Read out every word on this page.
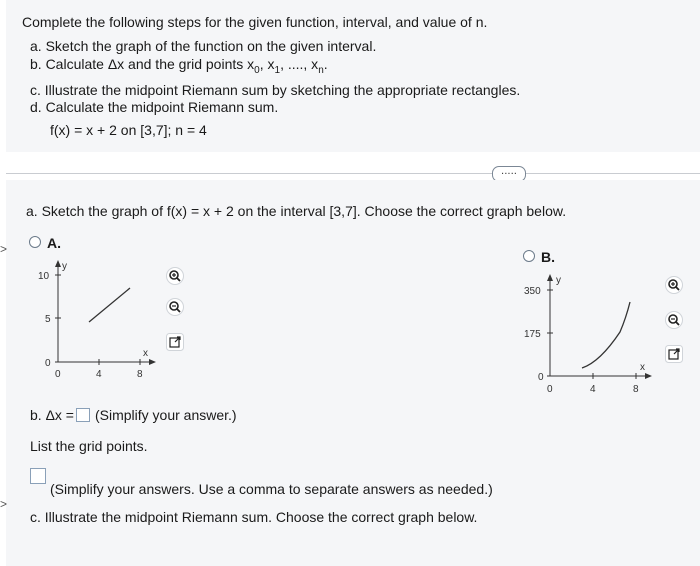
Complete the following steps for the given function, interval, and value of n.
a. Sketch the graph of the function on the given interval.
b. Calculate Δx and the grid points $x_0$, $x_1$, ...., $x_n$.
c. Illustrate the midpoint Riemann sum by sketching the appropriate rectangles.
d. Calculate the midpoint Riemann sum.
f(x) = x + 2 on [3,7]; n = 4
.....
a. Sketch the graph of f(x) = x + 2 on the interval [3,7]. Choose the correct graph below.
>
>
A.
10
5
0
0	4	8
y
x
B.
350
175
0
0	4	8
y
x
b. Δx = (Simplify your answer.)
List the grid points.
(Simplify your answers. Use a comma to separate answers as needed.)
c. Illustrate the midpoint Riemann sum. Choose the correct graph below.
